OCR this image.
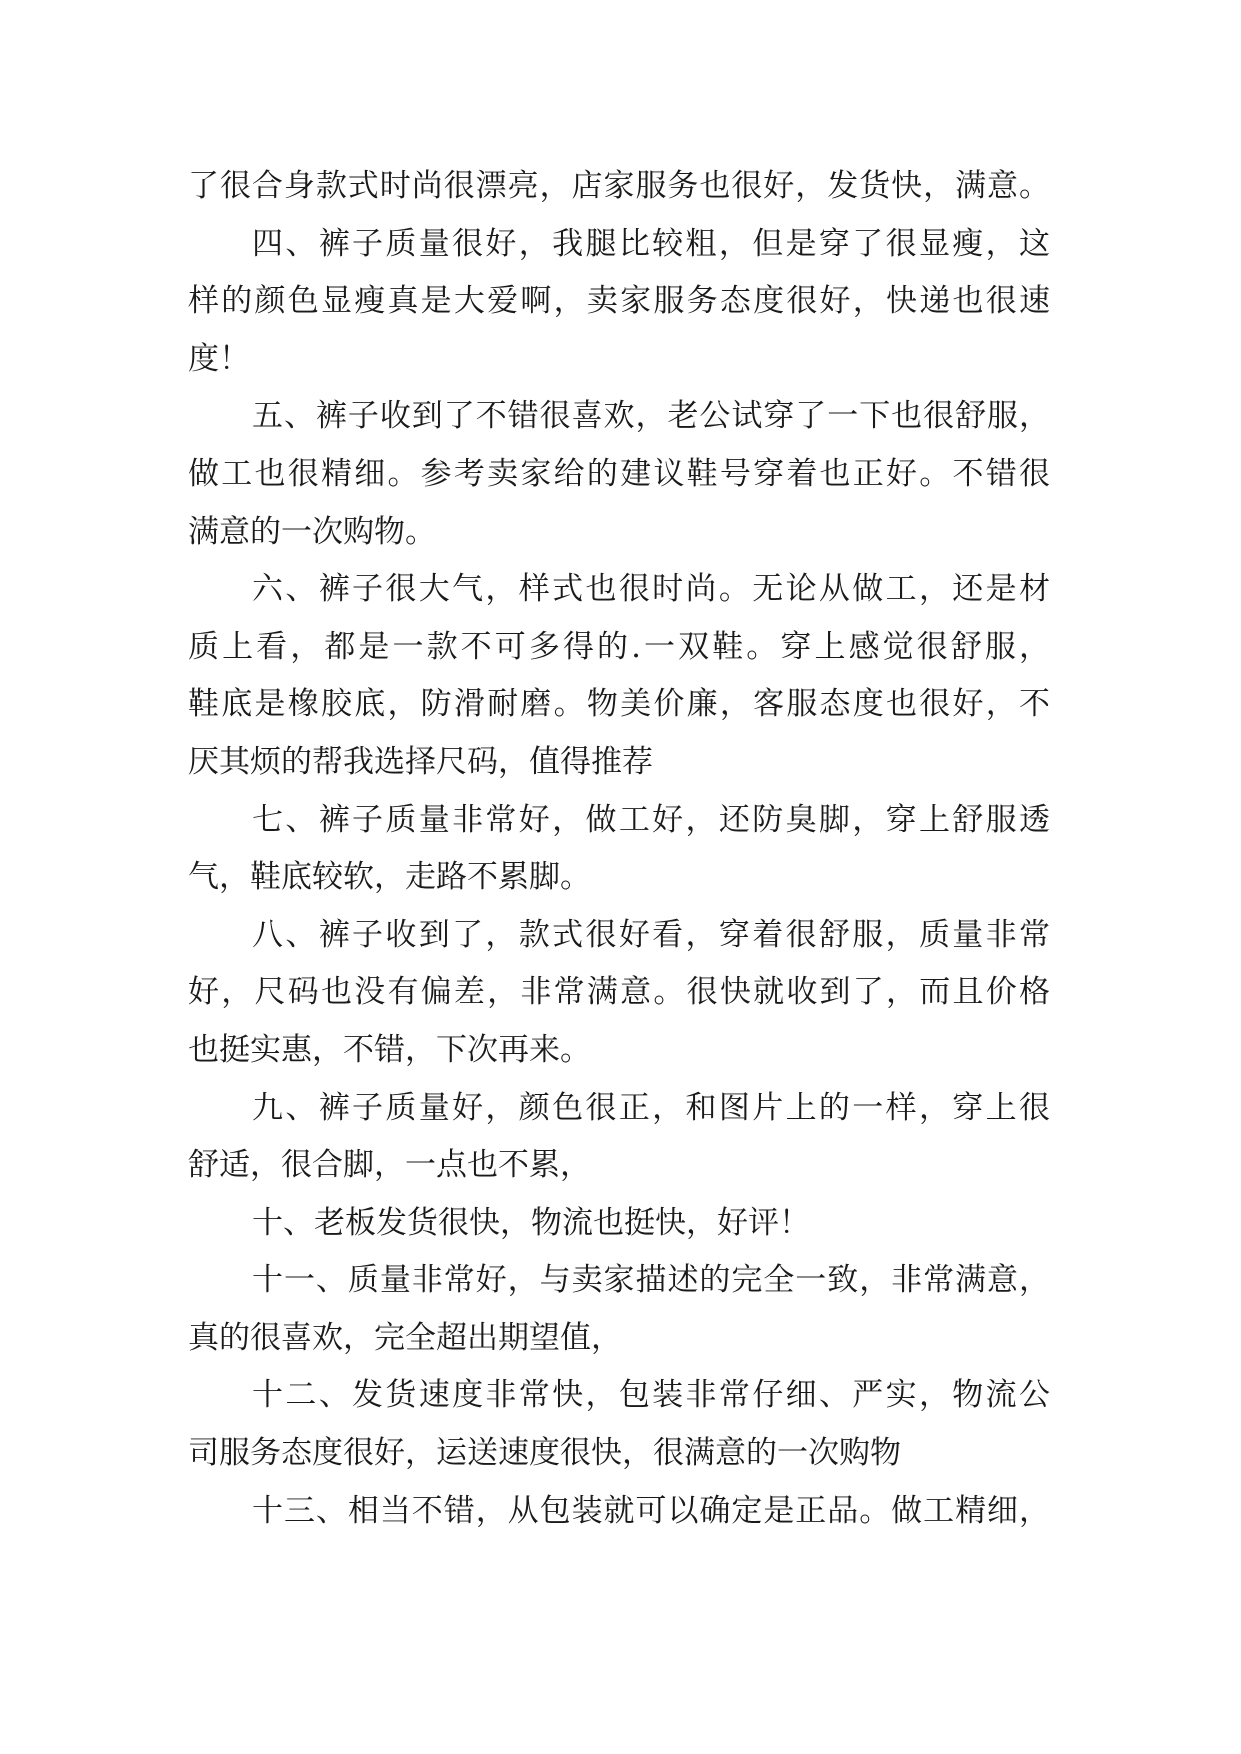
了很合身款式时尚很漂亮，店家服务也很好，发货快，满意。
四、裤子质量很好，我腿比较粗，但是穿了很显瘦，这
样的颜色显瘦真是大爱啊，卖家服务态度很好，快递也很速
度！
五、裤子收到了不错很喜欢，老公试穿了一下也很舒服，
做工也很精细。参考卖家给的建议鞋号穿着也正好。不错很
满意的一次购物。
六、裤子很大气，样式也很时尚。无论从做工，还是材
质上看，都是一款不可多得的.一双鞋。穿上感觉很舒服，
鞋底是橡胶底，防滑耐磨。物美价廉，客服态度也很好，不
厌其烦的帮我选择尺码，值得推荐
七、裤子质量非常好，做工好，还防臭脚，穿上舒服透
气，鞋底较软，走路不累脚。
八、裤子收到了，款式很好看，穿着很舒服，质量非常
好，尺码也没有偏差，非常满意。很快就收到了，而且价格
也挺实惠，不错，下次再来。
九、裤子质量好，颜色很正，和图片上的一样，穿上很
舒适，很合脚，一点也不累，
十、老板发货很快，物流也挺快，好评！
十一、质量非常好，与卖家描述的完全一致，非常满意，
真的很喜欢，完全超出期望值，
十二、发货速度非常快，包装非常仔细、严实，物流公
司服务态度很好，运送速度很快，很满意的一次购物
十三、相当不错，从包装就可以确定是正品。做工精细，
